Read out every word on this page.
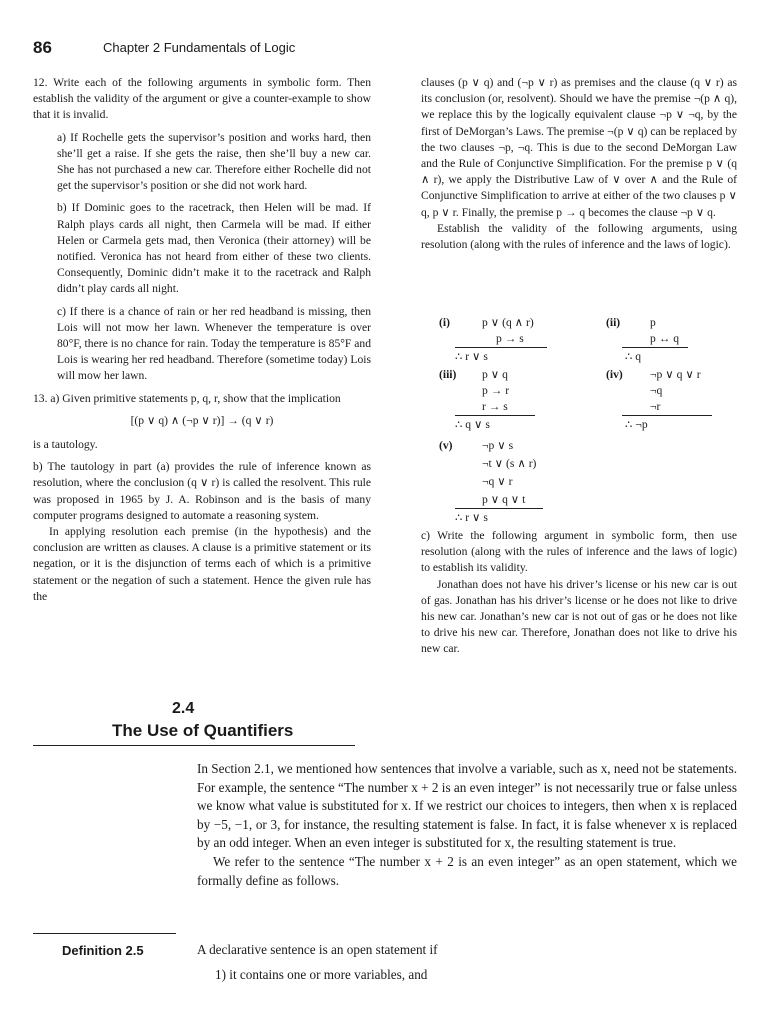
86	Chapter 2 Fundamentals of Logic

12. Write each of the following arguments in symbolic form. Then establish the validity of the argument or give a counter-example to show that it is invalid.

a) If Rochelle gets the supervisor’s position and works hard, then she’ll get a raise. If she gets the raise, then she’ll buy a new car. She has not purchased a new car. Therefore either Rochelle did not get the supervisor’s position or she did not work hard.

b) If Dominic goes to the racetrack, then Helen will be mad. If Ralph plays cards all night, then Carmela will be mad. If either Helen or Carmela gets mad, then Veronica (their attorney) will be notified. Veronica has not heard from either of these two clients. Consequently, Dominic didn’t make it to the racetrack and Ralph didn’t play cards all night.

c) If there is a chance of rain or her red headband is missing, then Lois will not mow her lawn. Whenever the temperature is over 80°F, there is no chance for rain. Today the temperature is 85°F and Lois is wearing her red headband. Therefore (sometime today) Lois will mow her lawn.

13. a) Given primitive statements p, q, r, show that the implication

[(p ∨ q) ∧ (¬p ∨ r)] → (q ∨ r)

is a tautology.

b) The tautology in part (a) provides the rule of inference known as resolution, where the conclusion (q ∨ r) is called the resolvent. This rule was proposed in 1965 by J. A. Robinson and is the basis of many computer programs designed to automate a reasoning system.

In applying resolution each premise (in the hypothesis) and the conclusion are written as clauses. A clause is a primitive statement or its negation, or it is the disjunction of terms each of which is a primitive statement or the negation of such a statement. Hence the given rule has the

clauses (p ∨ q) and (¬p ∨ r) as premises and the clause (q ∨ r) as its conclusion (or, resolvent). Should we have the premise ¬(p ∧ q), we replace this by the logically equivalent clause ¬p ∨ ¬q, by the first of DeMorgan’s Laws. The premise ¬(p ∨ q) can be replaced by the two clauses ¬p, ¬q. This is due to the second DeMorgan Law and the Rule of Conjunctive Simplification. For the premise p ∨ (q ∧ r), we apply the Distributive Law of ∨ over ∧ and the Rule of Conjunctive Simplification to arrive at either of the two clauses p ∨ q, p ∨ r. Finally, the premise p → q becomes the clause ¬p ∨ q.

Establish the validity of the following arguments, using resolution (along with the rules of inference and the laws of logic).

(i)	p ∨ (q ∧ r)
p → s
∴ r ∨ s
(ii)	p
p ↔ q
∴ q
(iii) p ∨ q
p → r
r → s
∴ q ∨ s
(iv) ¬p ∨ q ∨ r
¬q
¬r
∴ ¬p
(v)	¬p ∨ s
¬t ∨ (s ∧ r)
¬q ∨ r
p ∨ q ∨ t
∴ r ∨ s

c) Write the following argument in symbolic form, then use resolution (along with the rules of inference and the laws of logic) to establish its validity.

Jonathan does not have his driver’s license or his new car is out of gas. Jonathan has his driver’s license or he does not like to drive his new car. Jonathan’s new car is not out of gas or he does not like to drive his new car. Therefore, Jonathan does not like to drive his new car.

2.4
The Use of Quantifiers

In Section 2.1, we mentioned how sentences that involve a variable, such as x, need not be statements. For example, the sentence “The number x + 2 is an even integer” is not necessarily true or false unless we know what value is substituted for x. If we restrict our choices to integers, then when x is replaced by −5, −1, or 3, for instance, the resulting statement is false. In fact, it is false whenever x is replaced by an odd integer. When an even integer is substituted for x, the resulting statement is true.

We refer to the sentence “The number x + 2 is an even integer” as an open statement, which we formally define as follows.

Definition 2.5	A declarative sentence is an open statement if
1) it contains one or more variables, and
